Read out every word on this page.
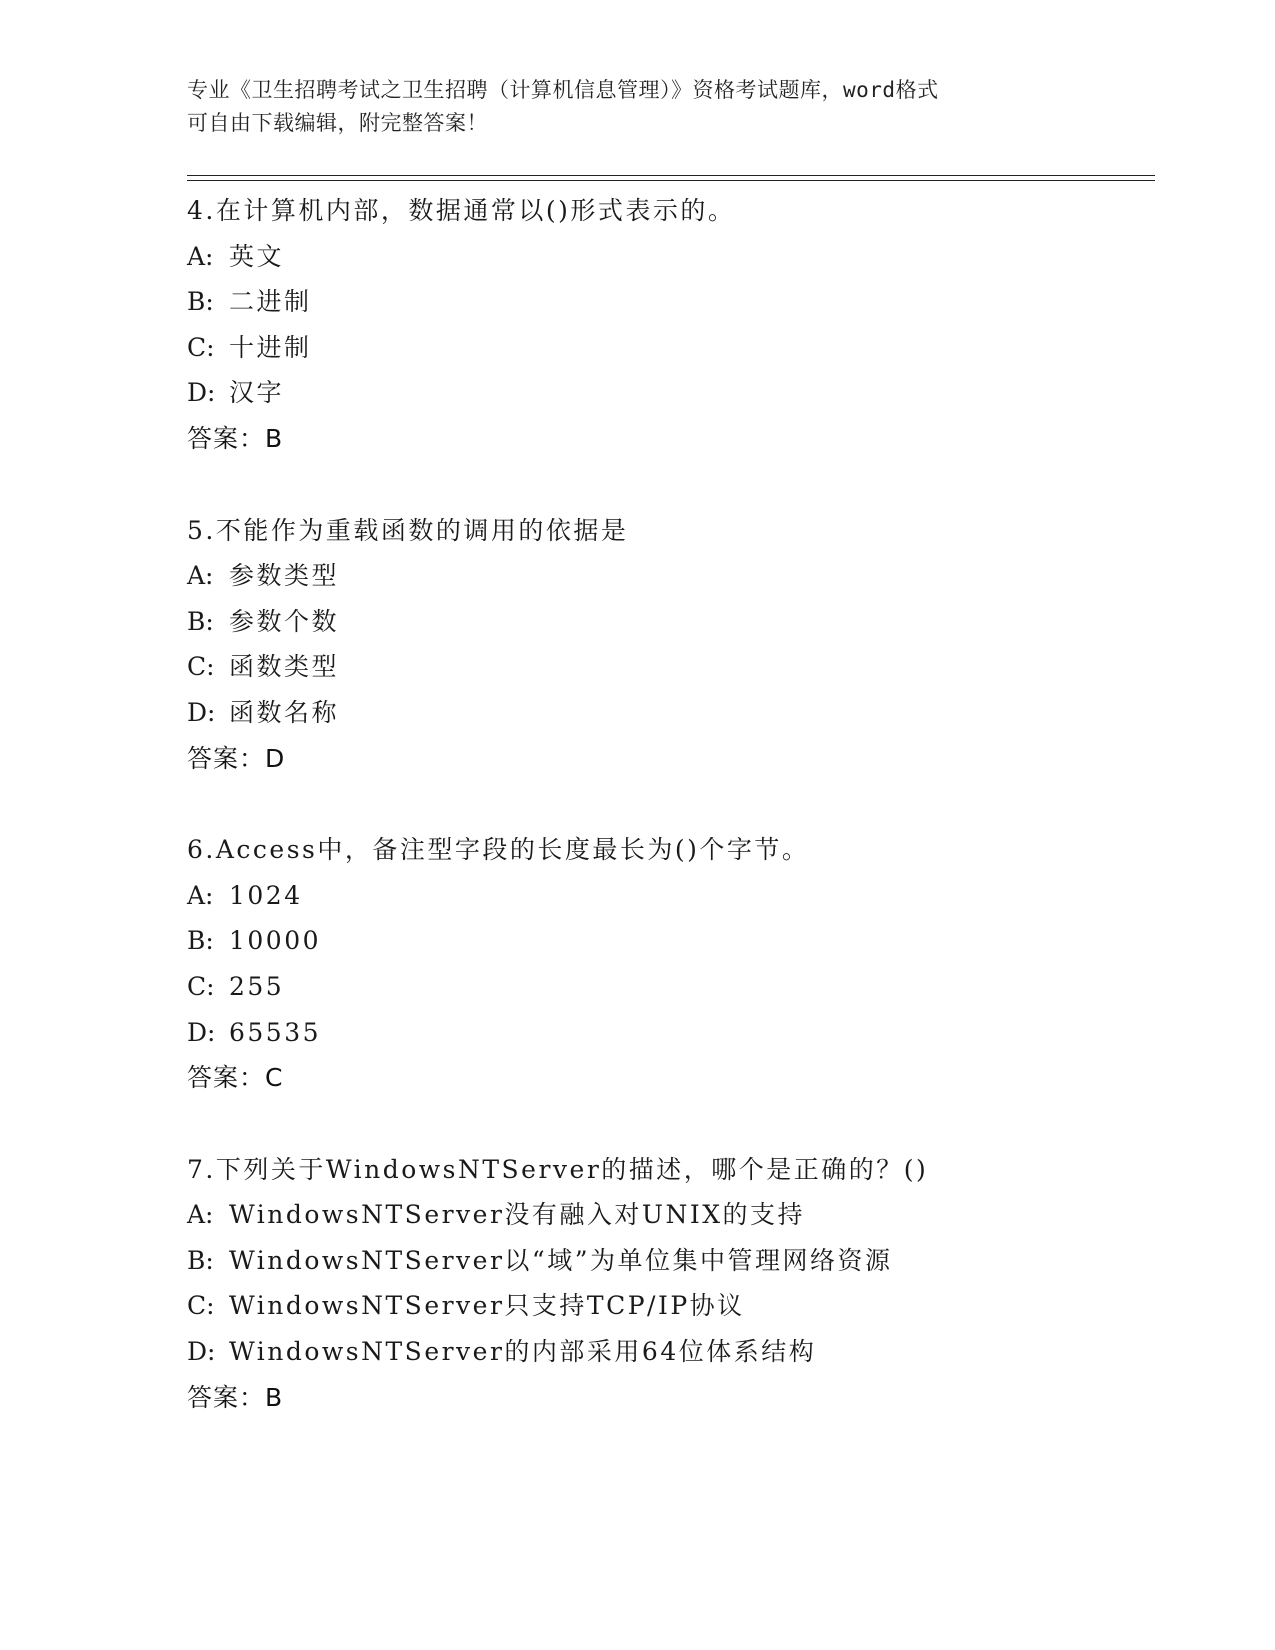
专业《卫生招聘考试之卫生招聘（计算机信息管理）》资格考试题库，word格式
可自由下载编辑，附完整答案！
4.在计算机内部，数据通常以()形式表示的。
A: 英文
B: 二进制
C: 十进制
D: 汉字
答案：B
5.不能作为重载函数的调用的依据是
A: 参数类型
B: 参数个数
C: 函数类型
D: 函数名称
答案：D
6.Access中，备注型字段的长度最长为()个字节。
A: 1024
B: 10000
C: 255
D: 65535
答案：C
7.下列关于WindowsNTServer的描述，哪个是正确的？()
A: WindowsNTServer没有融入对UNIX的支持
B: WindowsNTServer以“域”为单位集中管理网络资源
C: WindowsNTServer只支持TCP/IP协议
D: WindowsNTServer的内部采用64位体系结构
答案：B
